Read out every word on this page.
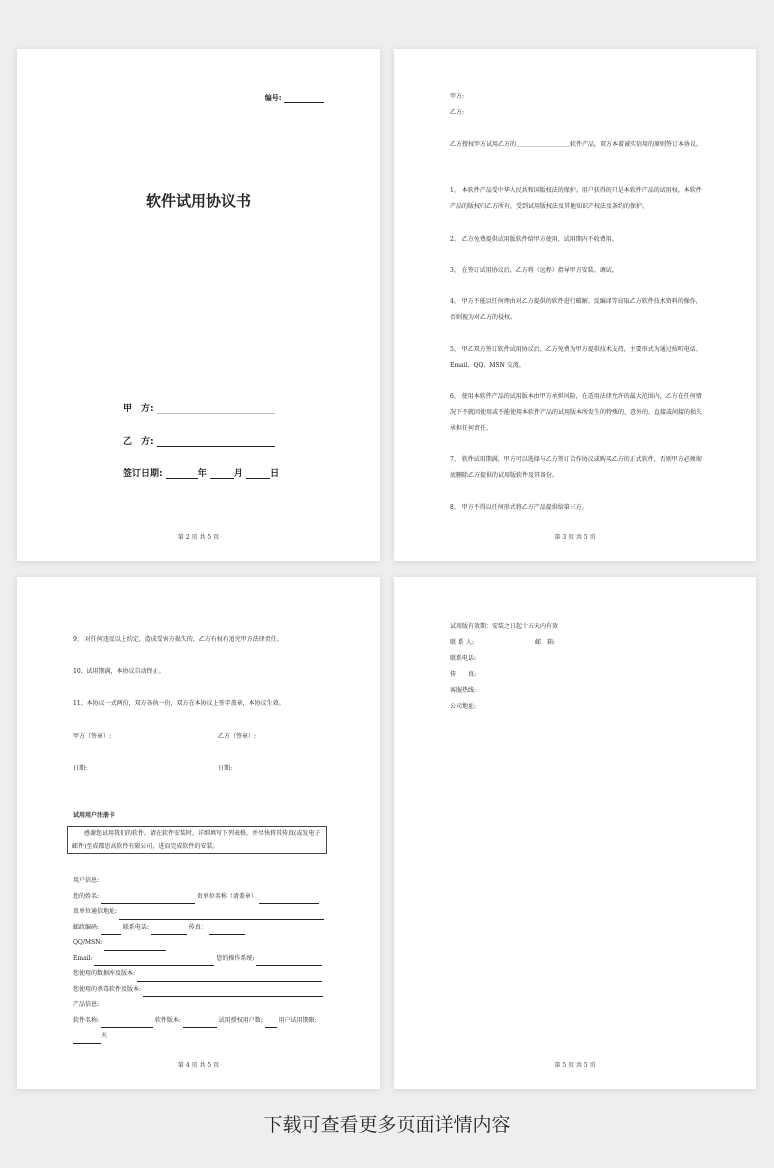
编号:
软件试用协议书
甲　方:
乙　方:
签订日期:	年	月	日
第 2 页 共 5 页
甲方:
乙方:
乙方授权甲方试用乙方的＿＿＿＿＿＿＿＿＿软件产品，双方本着诚实信用的原则签订本协议。
1、 本软件产品受中华人民共和国版权法的保护。用户获得的只是本软件产品的试用权。本软件产品的版权归乙方所有，受到试用版权法及其他知识产权法及条约的保护。
2、 乙方免费提供试用版软件给甲方使用，试用期内不收费用。
3、 在签订试用协议后，乙方将（远程）指导甲方安装、调试。
4、 甲方不能以任何理由对乙方提供的软件进行破解、反编译等窃取乙方软件技术资料的操作，否则视为对乙方的侵权。
5、 甲乙双方签订软件试用协议后，乙方免费为甲方提供技术支持，主要形式为通过按听电话、Email、QQ、MSN 交流。
6、 使用本软件产品的试用版本由甲方承担风险，在适用法律允许的最大范围内，乙方在任何情况下不就因使用或不能使用本软件产品的试用版本所发生的特殊的、意外的、直接或间接的损失承担任何责任。
7、 软件试用期满，甲方可以选择与乙方签订合作协议或购买乙方的正式软件，否则甲方必须彻底删除乙方提供的试用版软件及其备份。
8、 甲方不得以任何形式将乙方产品提供给第三方。
第 3 页 共 5 页
9、 对任何违反以上约定，造成受害方损失的，乙方有权有追究甲方法律责任。
10、试用期满，本协议自动终止。
11、本协议一式两份，双方各执一份，双方在本协议上签字盖章，本协议生效。
甲方（签章）:	乙方（签章）:
日期:	日期:
试用用户注册卡
感谢您试用我们的软件，请在软件安装时，详细填写下列表格，并尽快将其传真(或发电子邮件)至成都思高软件有限公司，进而完成软件的安装。
用户信息:
您的姓名:	贵单位名称（请盖章）
贵单位通信地址:
邮政编码:	联系电话:	传真：
QQ/MSN:
Email:	您的操作系统:
您使用的数据库及版本:
您使用的杀毒软件及版本:
产品信息:
软件名称:	软件版本:	试用授权用户数:	用户试用期限:
天
第 4 页 共 5 页
试用版有效期：安装之日起十五天内有效
联 系 人:	邮　箱:
联系电话:
传　　真:
客服热线:
公司地址:
第 5 页 共 5 页
下载可查看更多页面详情内容
